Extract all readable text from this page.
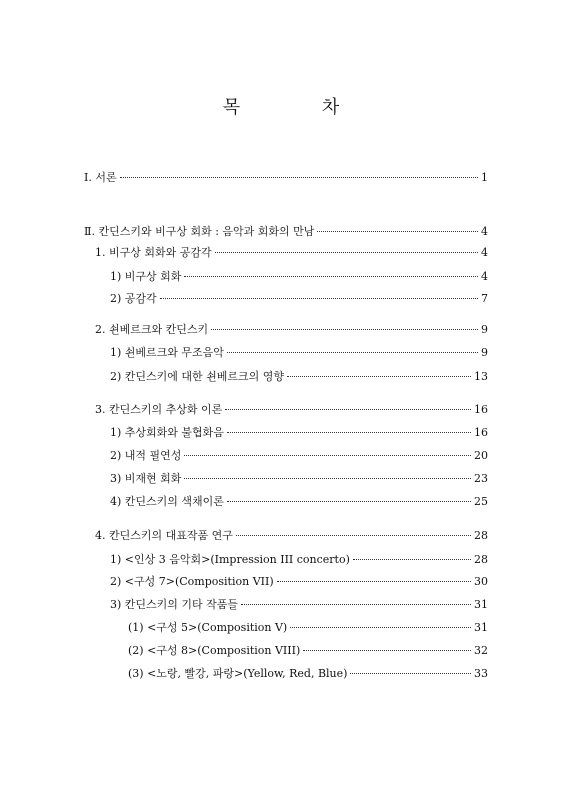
목 차
Ⅰ. 서론	1
Ⅱ. 칸딘스키와 비구상 회화 : 음악과 회화의 만남	4
1. 비구상 회화와 공감각	4
1) 비구상 회화	4
2) 공감각	7
2. 쇤베르크와 칸딘스키	9
1) 쇤베르크와 무조음악	9
2) 칸딘스키에 대한 쇤베르크의 영향	13
3. 칸딘스키의 추상화 이론	16
1) 추상회화와 불협화음	16
2) 내적 필연성	20
3) 비재현 회화	23
4) 칸딘스키의 색채이론	25
4. 칸딘스키의 대표작품 연구	28
1) <인상 3 음악회>(Impression III concerto)	28
2) <구성 7>(Composition VII)	30
3) 칸딘스키의 기타 작품들	31
(1) <구성 5>(Composition V)	31
(2) <구성 8>(Composition VIII)	32
(3) <노랑, 빨강, 파랑>(Yellow, Red, Blue)	33
